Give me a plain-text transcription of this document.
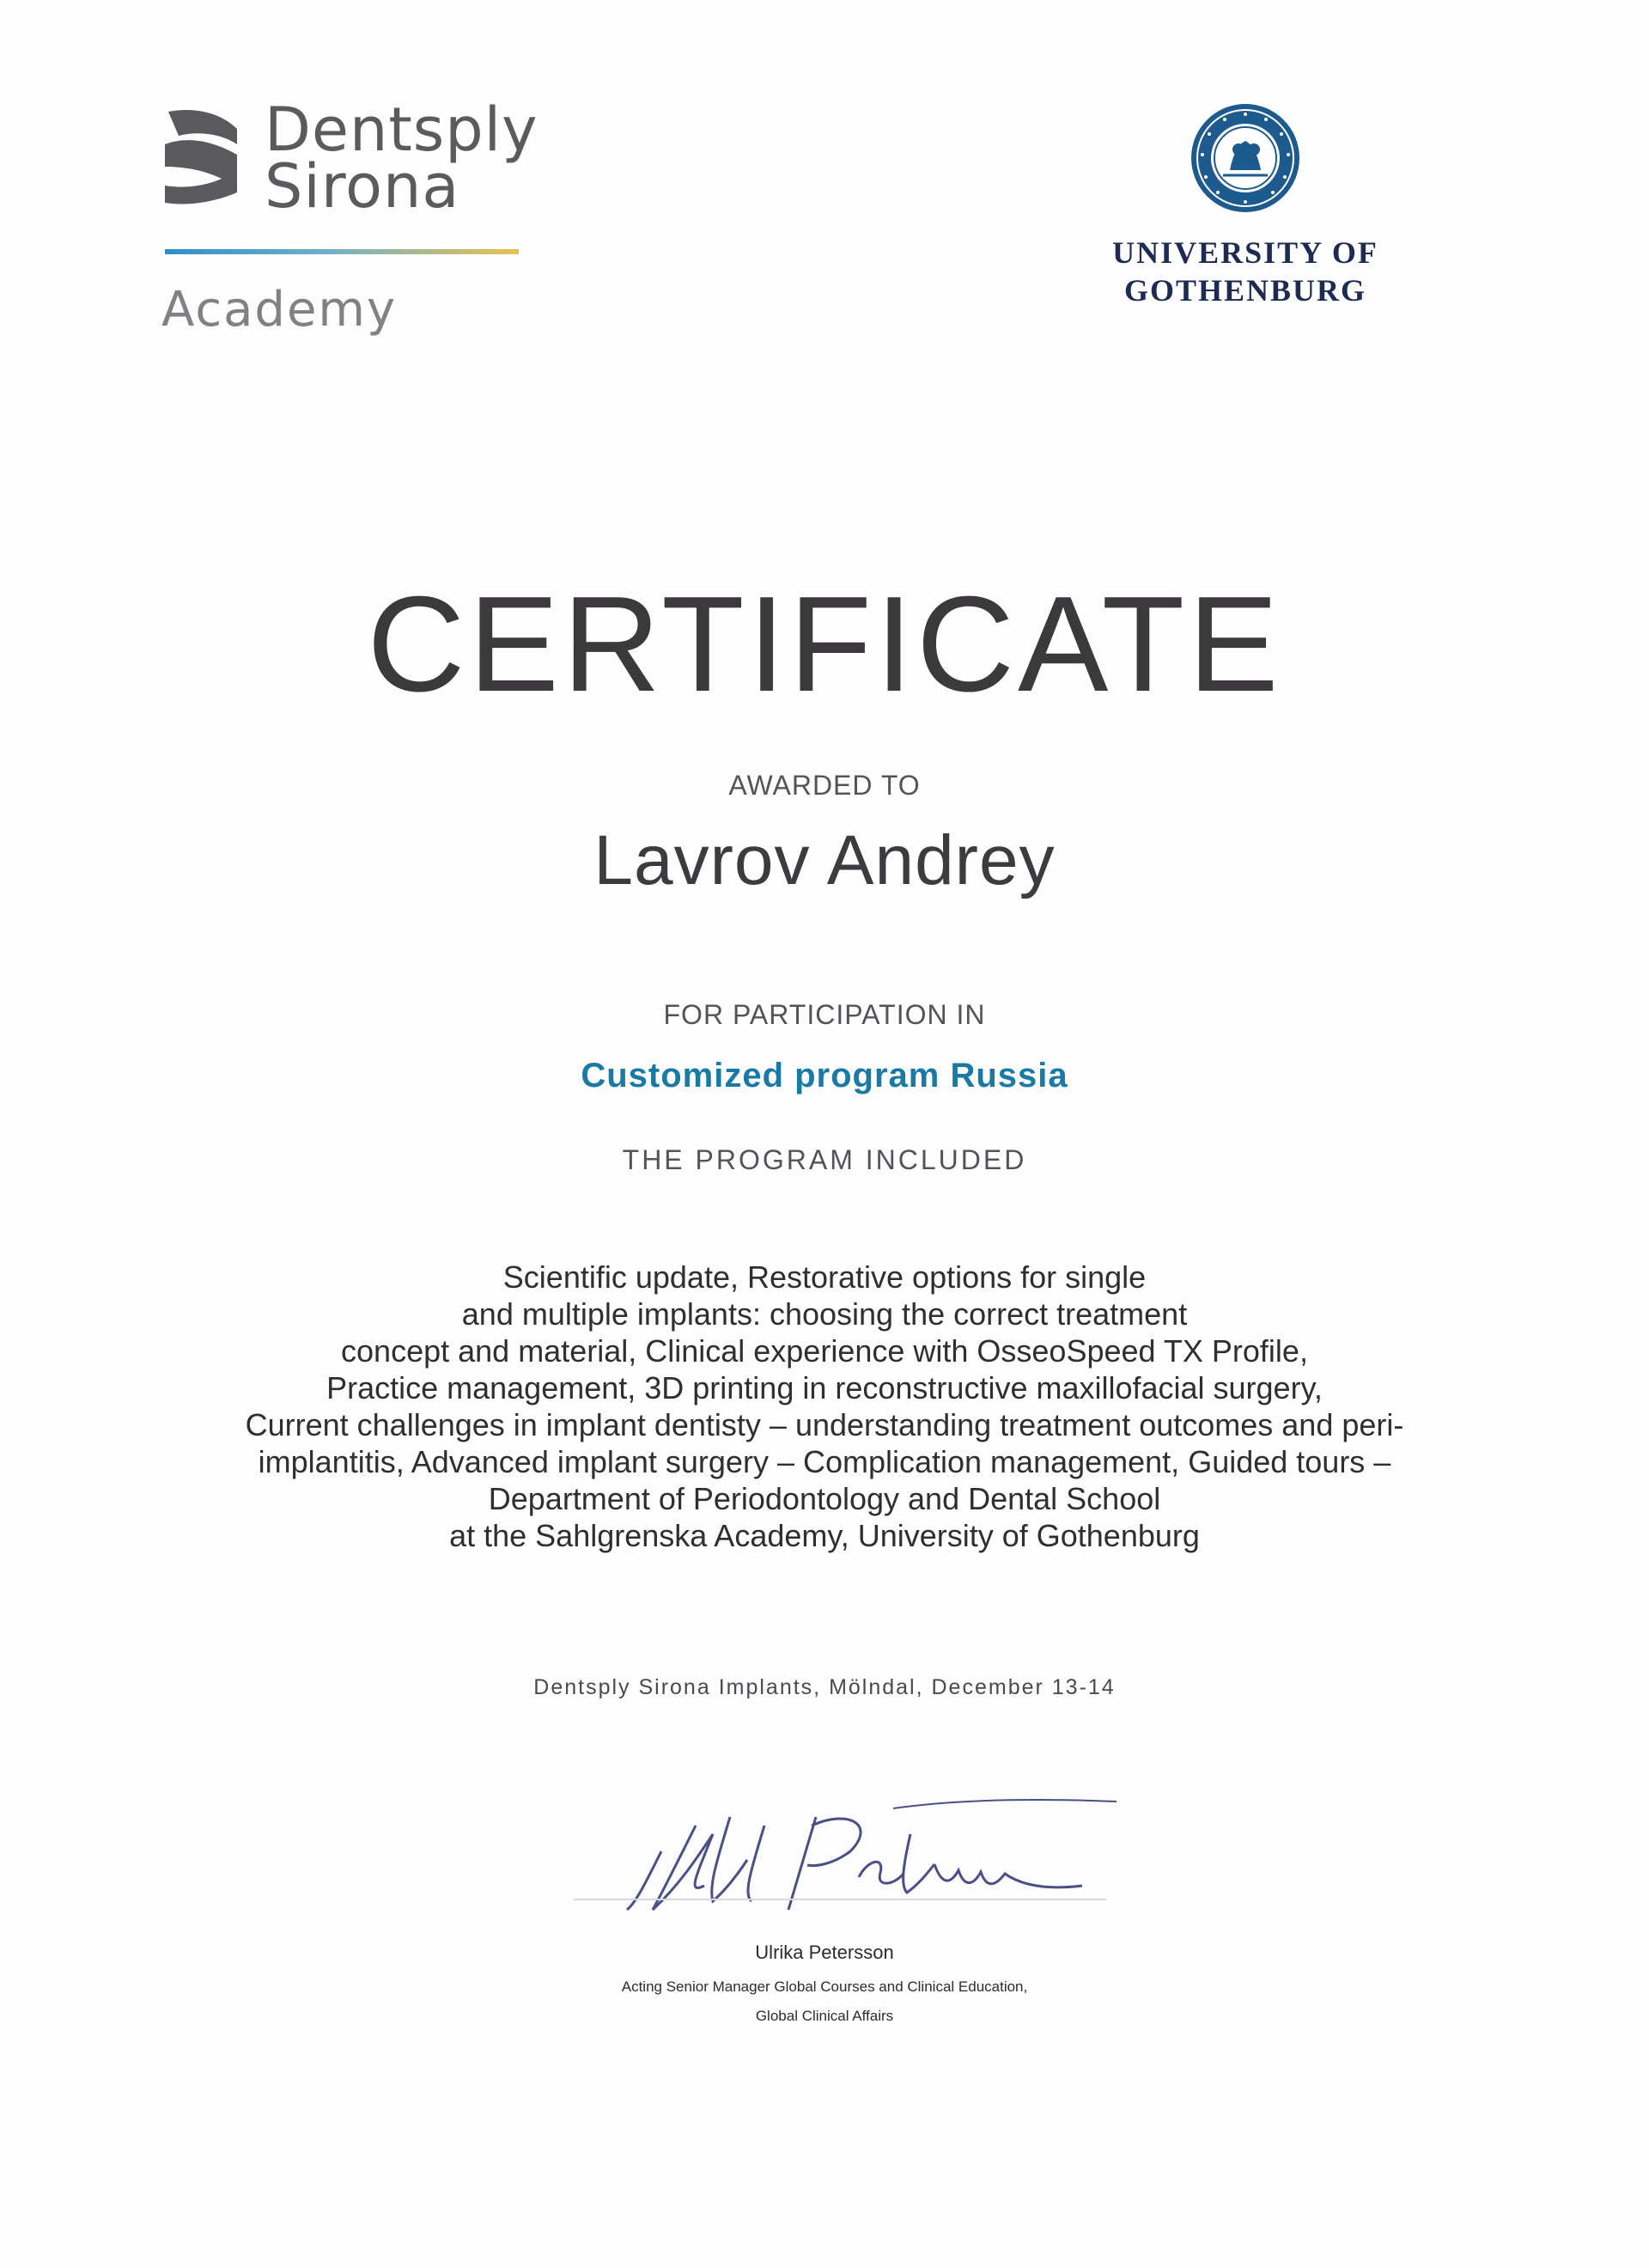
Dentsply
Sirona
Academy
UNIVERSITY OF
GOTHENBURG
CERTIFICATE
AWARDED TO
Lavrov Andrey
FOR PARTICIPATION IN
Customized program Russia
THE PROGRAM INCLUDED
Scientific update, Restorative options for single
and multiple implants: choosing the correct treatment
concept and material, Clinical experience with OsseoSpeed TX Profile,
Practice management, 3D printing in reconstructive maxillofacial surgery,
Current challenges in implant dentisty – understanding treatment outcomes and peri-
implantitis, Advanced implant surgery – Complication management, Guided tours –
Department of Periodontology and Dental School
at the Sahlgrenska Academy, University of Gothenburg
Dentsply Sirona Implants, Mölndal, December 13-14
Ulrika Petersson
Acting Senior Manager Global Courses and Clinical Education,
Global Clinical Affairs
